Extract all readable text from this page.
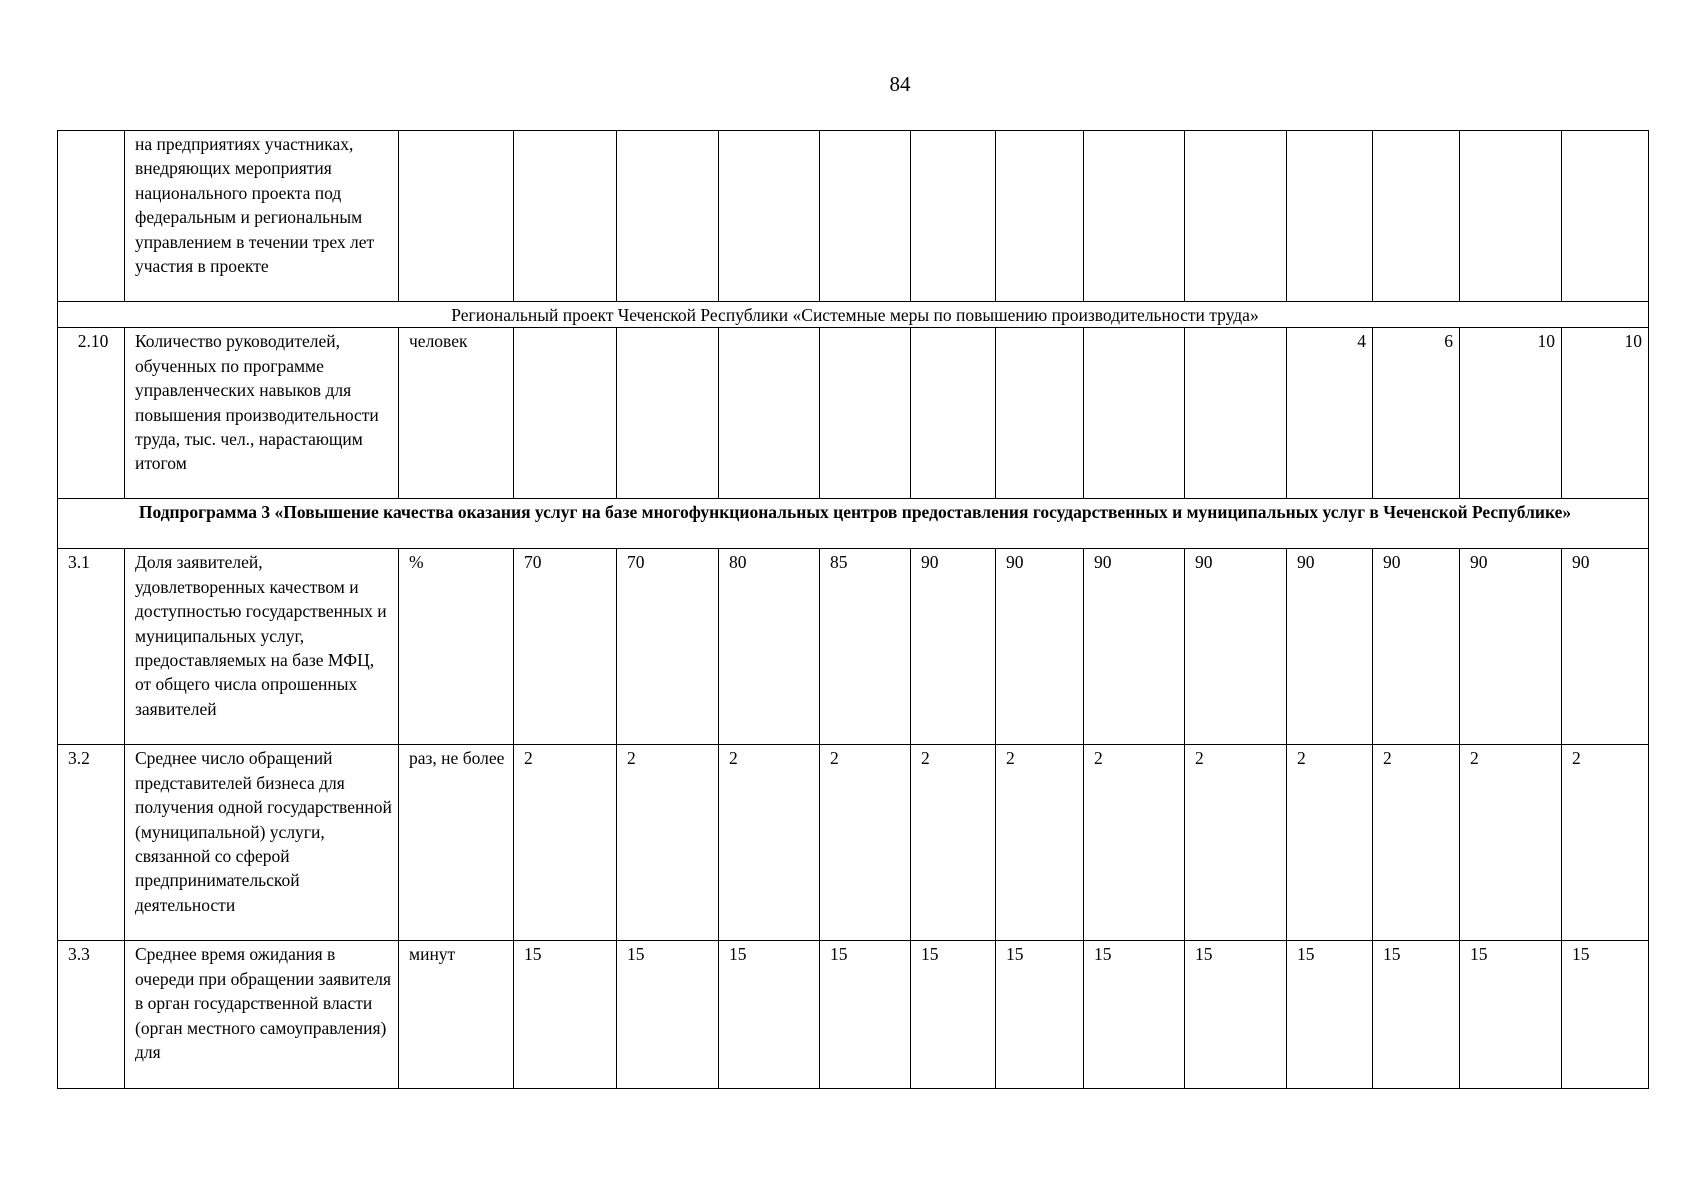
84
	на предприятиях участниках, внедряющих мероприятия национального проекта под федеральным и региональным управлением в течении трех лет участия в проекте													
Региональный проект Чеченской Республики «Системные меры по повышению производительности труда»														
2.10	Количество руководителей, обученных по программе управленческих навыков для повышения производительности труда, тыс. чел., нарастающим итогом	человек									4	6	10	10
Подпрограмма 3 «Повышение качества оказания услуг на базе многофункциональных центров предоставления государственных и муниципальных услуг в Чеченской Республике»														
3.1	Доля заявителей, удовлетворенных качеством и доступностью государственных и муниципальных услуг, предоставляемых на базе МФЦ, от общего числа опрошенных заявителей	%	70	70	80	85	90	90	90	90	90	90	90	90
3.2	Среднее число обращений представителей бизнеса для получения одной государственной (муниципальной) услуги, связанной со сферой предпринимательской деятельности	раз, не более	2	2	2	2	2	2	2	2	2	2	2	2
3.3	Среднее время ожидания в очереди при обращении заявителя в орган государственной власти (орган местного самоуправления) для	минут	15	15	15	15	15	15	15	15	15	15	15	15
